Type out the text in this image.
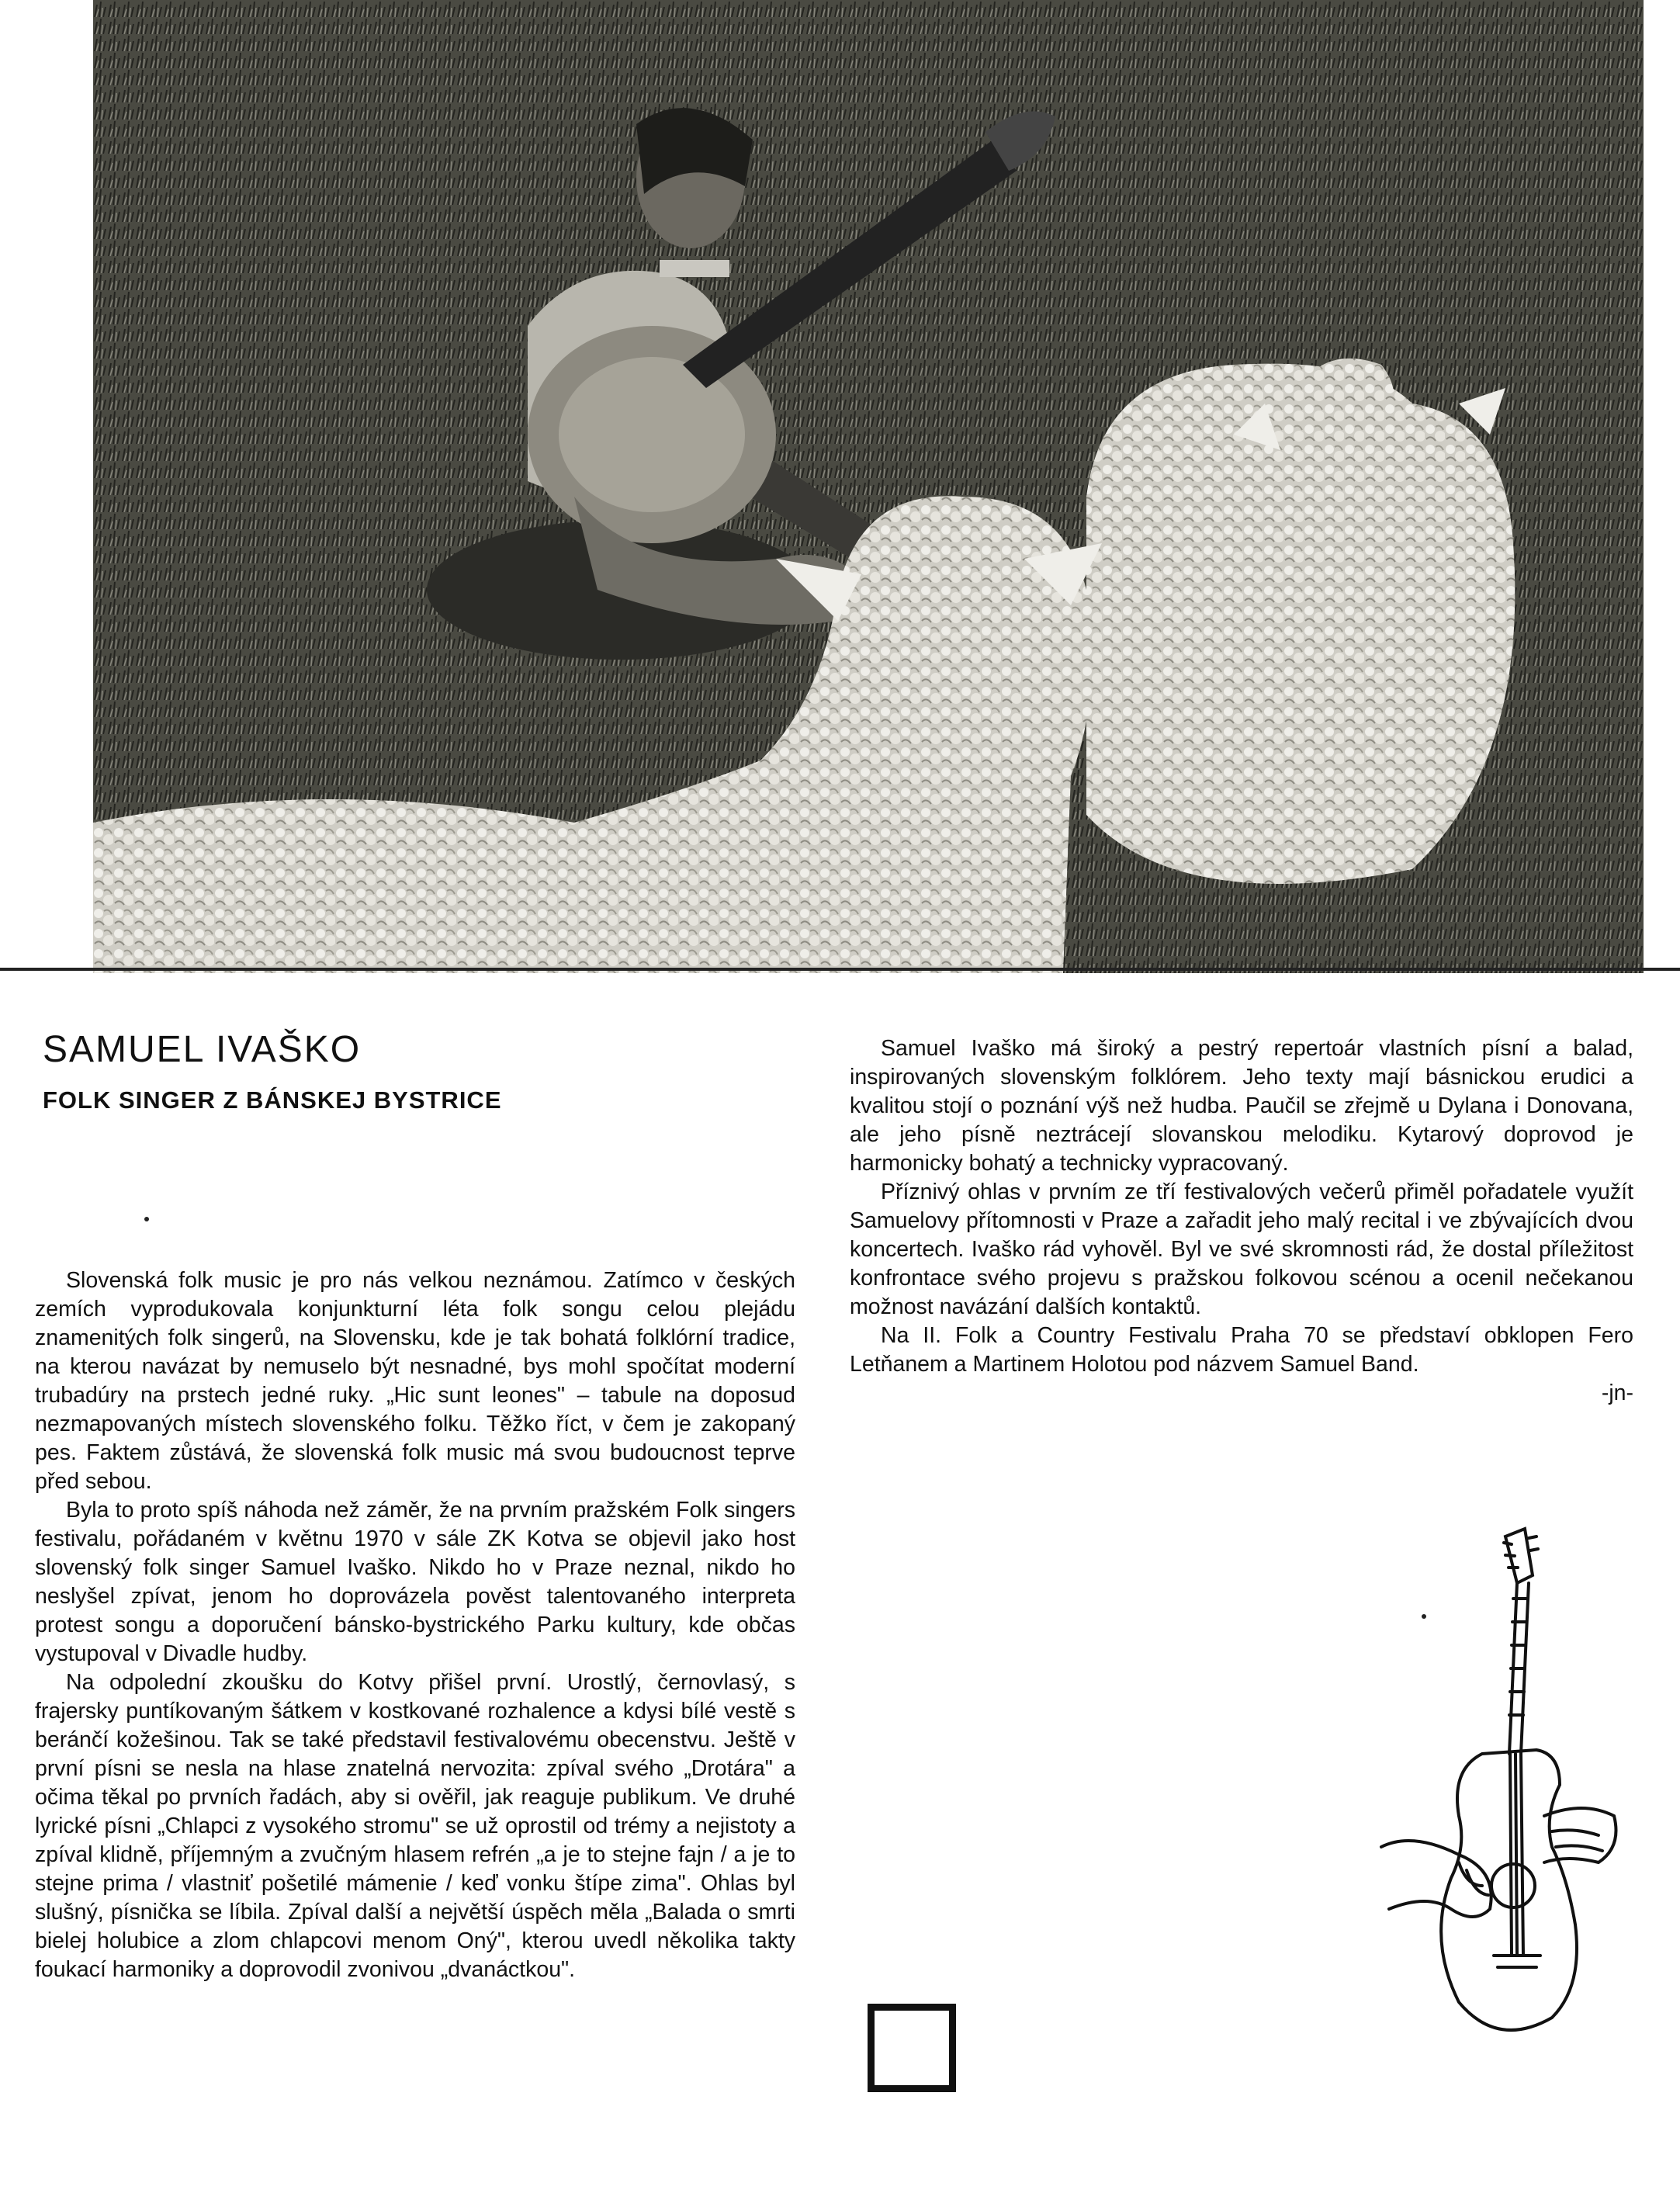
SAMUEL IVAŠKO
FOLK SINGER Z BÁNSKEJ BYSTRICE

Slovenská folk music je pro nás velkou neznámou. Zatímco v českých zemích vyprodukovala konjunkturní léta folk songu celou plejádu znamenitých folk singerů, na Slovensku, kde je tak bohatá folklórní tradice, na kterou navázat by nemuselo být nesnadné, bys mohl spočítat moderní trubadúry na prstech jedné ruky. „Hic sunt leones" – tabule na doposud nezmapovaných místech slovenského folku. Těžko říct, v čem je zakopaný pes. Faktem zůstává, že slovenská folk music má svou budoucnost teprve před sebou.

Byla to proto spíš náhoda než záměr, že na prvním pražském Folk singers festivalu, pořádaném v květnu 1970 v sále ZK Kotva se objevil jako host slovenský folk singer Samuel Ivaško. Nikdo ho v Praze neznal, nikdo ho neslyšel zpívat, jenom ho doprovázela pověst talentovaného interpreta protest songu a doporučení bánsko-bystrického Parku kultury, kde občas vystupoval v Divadle hudby.

Na odpolední zkoušku do Kotvy přišel první. Urostlý, černovlasý, s frajersky puntíkovaným šátkem v kostkované rozhalence a kdysi bílé vestě s beránčí kožešinou. Tak se také představil festivalovému obecenstvu. Ještě v první písni se nesla na hlase znatelná nervozita: zpíval svého „Drotára" a očima těkal po prvních řadách, aby si ověřil, jak reaguje publikum. Ve druhé lyrické písni „Chlapci z vysokého stromu" se už oprostil od trémy a nejistoty a zpíval klidně, příjemným a zvučným hlasem refrén „a je to stejne fajn / a je to stejne prima / vlastniť pošetilé mámenie / keď vonku štípe zima". Ohlas byl slušný, písnička se líbila. Zpíval další a největší úspěch měla „Balada o smrti bielej holubice a zlom chlapcovi menom Oný", kterou uvedl několika takty foukací harmoniky a doprovodil zvonivou „dvanáctkou".

Samuel Ivaško má široký a pestrý repertoár vlastních písní a balad, inspirovaných slovenským folklórem. Jeho texty mají básnickou erudici a kvalitou stojí o poznání výš než hudba. Paučil se zřejmě u Dylana i Donovana, ale jeho písně neztrácejí slovanskou melodiku. Kytarový doprovod je harmonicky bohatý a technicky vypracovaný.

Příznivý ohlas v prvním ze tří festivalových večerů přiměl pořadatele využít Samuelovy přítomnosti v Praze a zařadit jeho malý recital i ve zbývajících dvou koncertech. Ivaško rád vyhověl. Byl ve své skromnosti rád, že dostal příležitost konfrontace svého projevu s pražskou folkovou scénou a ocenil nečekanou možnost navázání dalších kontaktů.

Na II. Folk a Country Festivalu Praha 70 se představí obklopen Fero Letňanem a Martinem Holotou pod názvem Samuel Band.

-jn-
